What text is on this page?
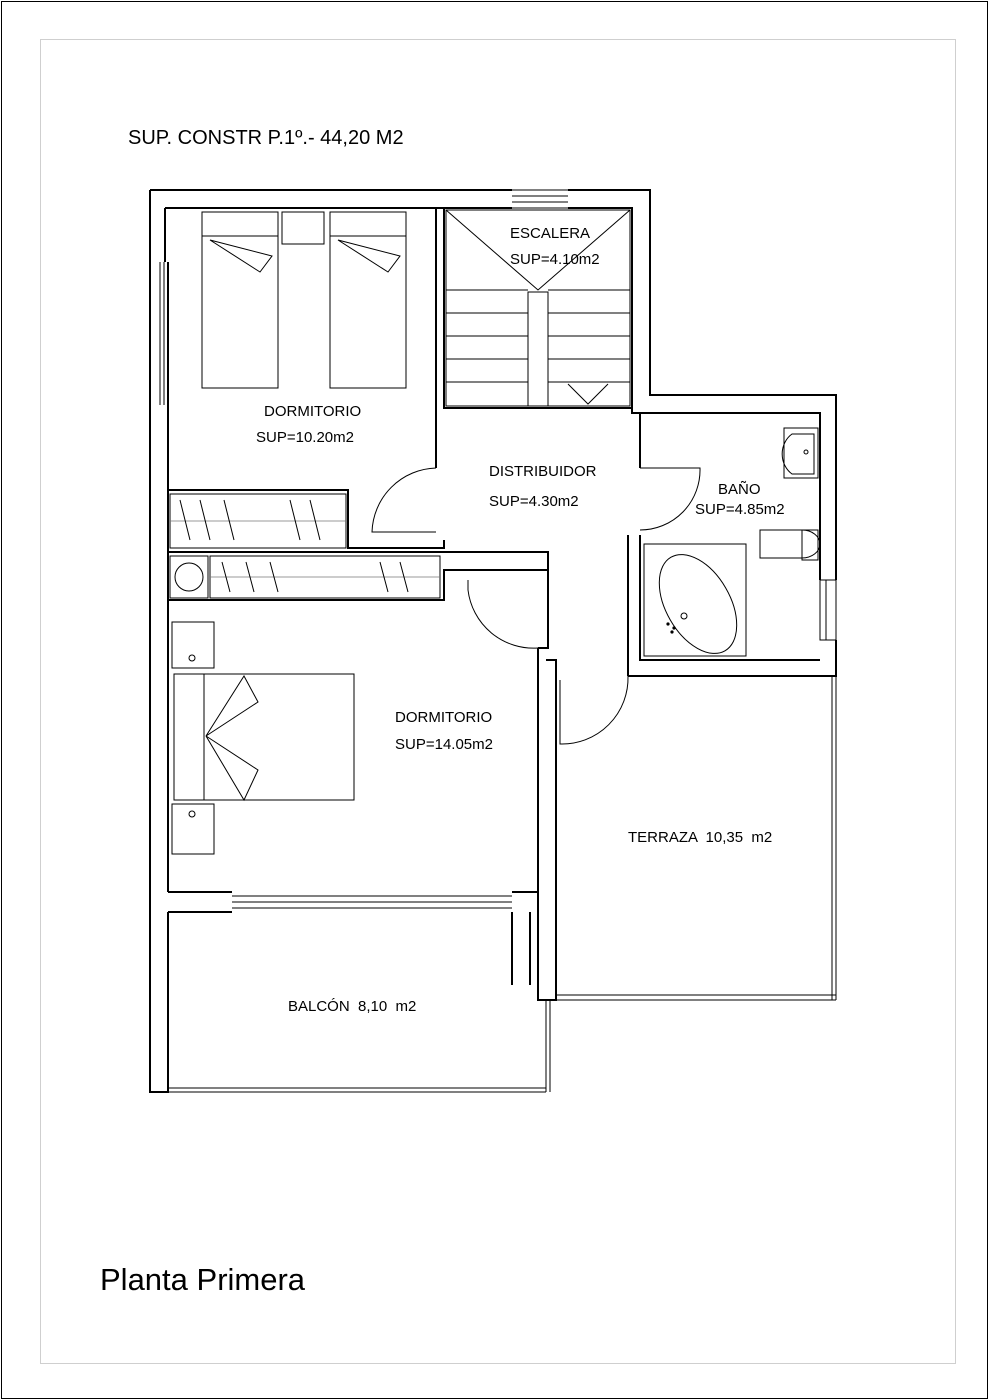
SUP. CONSTR P.1º.- 44,20 M2
ESCALERA
SUP=4.10m2
DORMITORIO
SUP=10.20m2
DISTRIBUIDOR
SUP=4.30m2
BAÑO
SUP=4.85m2
DORMITORIO
SUP=14.05m2
TERRAZA  10,35  m2
BALCÓN  8,10  m2
Planta Primera
